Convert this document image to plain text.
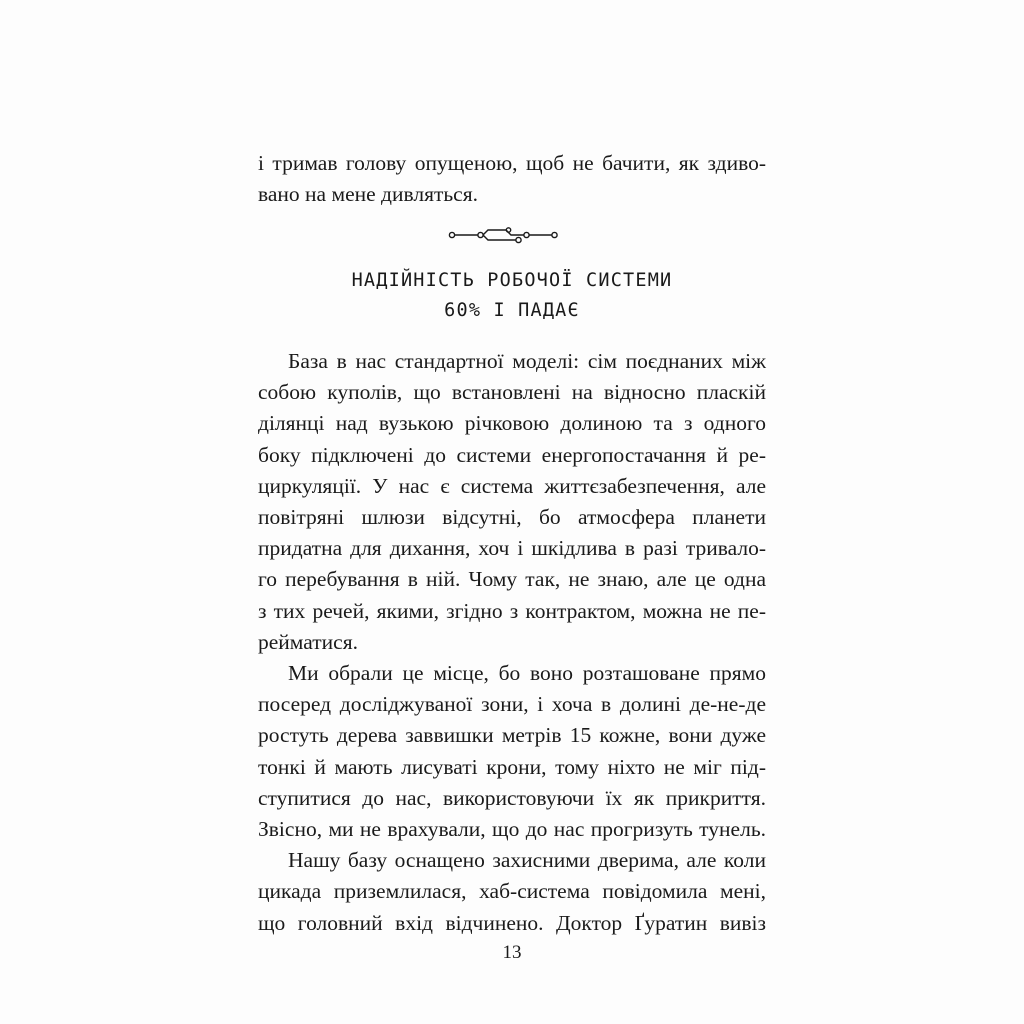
і тримав голову опущеною, щоб не бачити, як здиво-
вано на мене дивляться.

НАДІЙНІСТЬ РОБОЧОЇ СИСТЕМИ
60% І ПАДАЄ

База в нас стандартної моделі: сім поєднаних між
собою куполів, що встановлені на відносно пласкій
ділянці над вузькою річковою долиною та з одного
боку підключені до системи енергопостачання й ре-
циркуляції. У нас є система життєзабезпечення, але
повітряні шлюзи відсутні, бо атмосфера планети
придатна для дихання, хоч і шкідлива в разі тривало-
го перебування в ній. Чому так, не знаю, але це одна
з тих речей, якими, згідно з контрактом, можна не пе-
рейматися.

Ми обрали це місце, бо воно розташоване прямо
посеред досліджуваної зони, і хоча в долині де-не-де
ростуть дерева заввишки метрів 15 кожне, вони дуже
тонкі й мають лисуваті крони, тому ніхто не міг під-
ступитися до нас, використовуючи їх як прикриття.
Звісно, ми не врахували, що до нас прогризуть тунель.

Нашу базу оснащено захисними дверима, але коли
цикада приземлилася, хаб-система повідомила мені,
що головний вхід відчинено. Доктор Ґуратин вивіз

13
